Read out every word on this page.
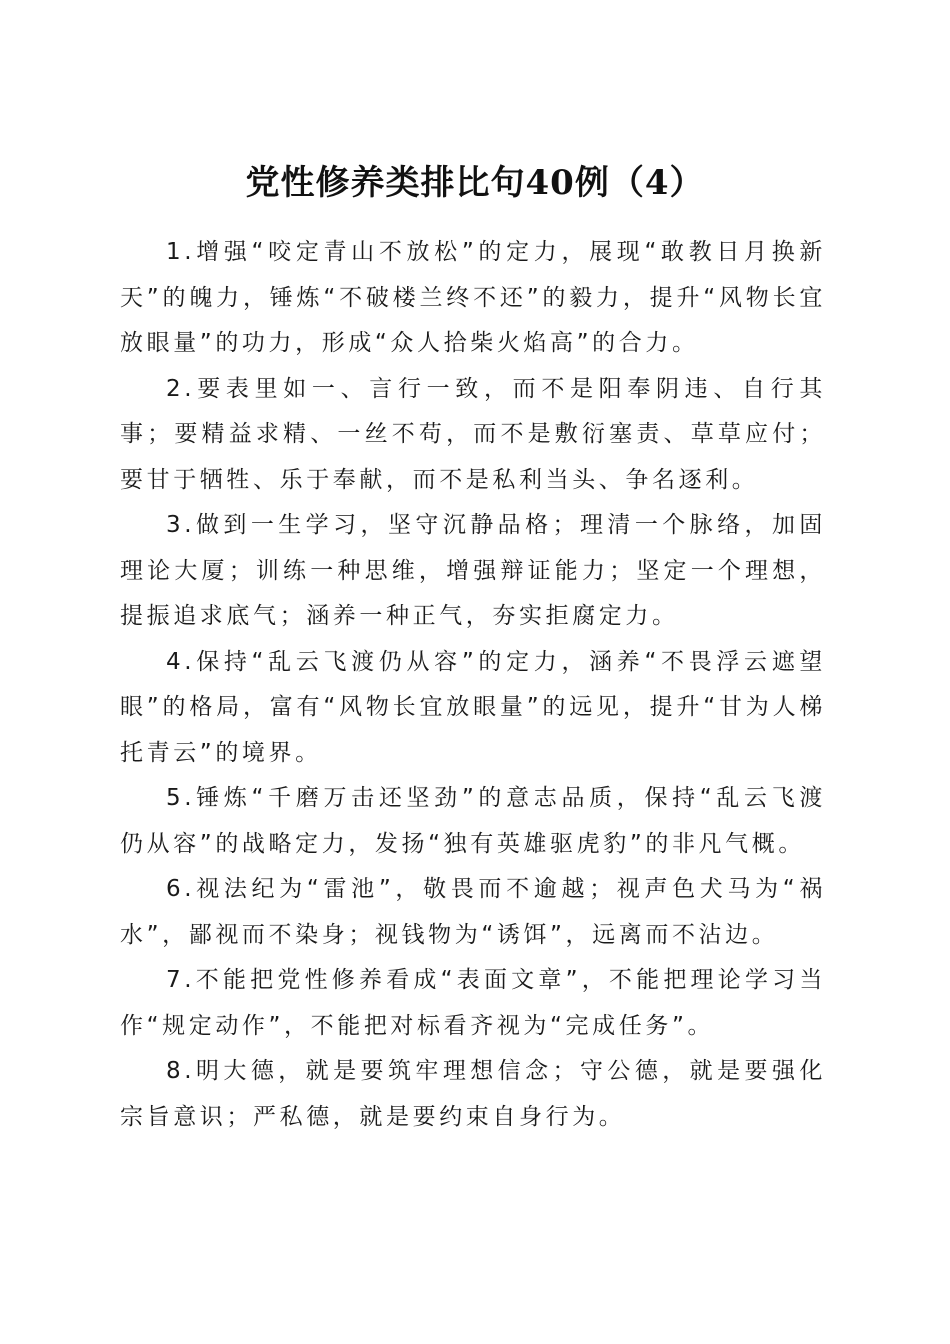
党性修养类排比句40例（4）

1.增强“咬定青山不放松”的定力，展现“敢教日月换新天”的魄力，锤炼“不破楼兰终不还”的毅力，提升“风物长宜放眼量”的功力，形成“众人拾柴火焰高”的合力。

2.要表里如一、言行一致，而不是阳奉阴违、自行其事；要精益求精、一丝不苟，而不是敷衍塞责、草草应付；要甘于牺牲、乐于奉献，而不是私利当头、争名逐利。

3.做到一生学习，坚守沉静品格；理清一个脉络，加固理论大厦；训练一种思维，增强辩证能力；坚定一个理想，提振追求底气；涵养一种正气，夯实拒腐定力。

4.保持“乱云飞渡仍从容”的定力，涵养“不畏浮云遮望眼”的格局，富有“风物长宜放眼量”的远见，提升“甘为人梯托青云”的境界。

5.锤炼“千磨万击还坚劲”的意志品质，保持“乱云飞渡仍从容”的战略定力，发扬“独有英雄驱虎豹”的非凡气概。

6.视法纪为“雷池”，敬畏而不逾越；视声色犬马为“祸水”，鄙视而不染身；视钱物为“诱饵”，远离而不沾边。

7.不能把党性修养看成“表面文章”，不能把理论学习当作“规定动作”，不能把对标看齐视为“完成任务”。

8.明大德，就是要筑牢理想信念；守公德，就是要强化宗旨意识；严私德，就是要约束自身行为。
